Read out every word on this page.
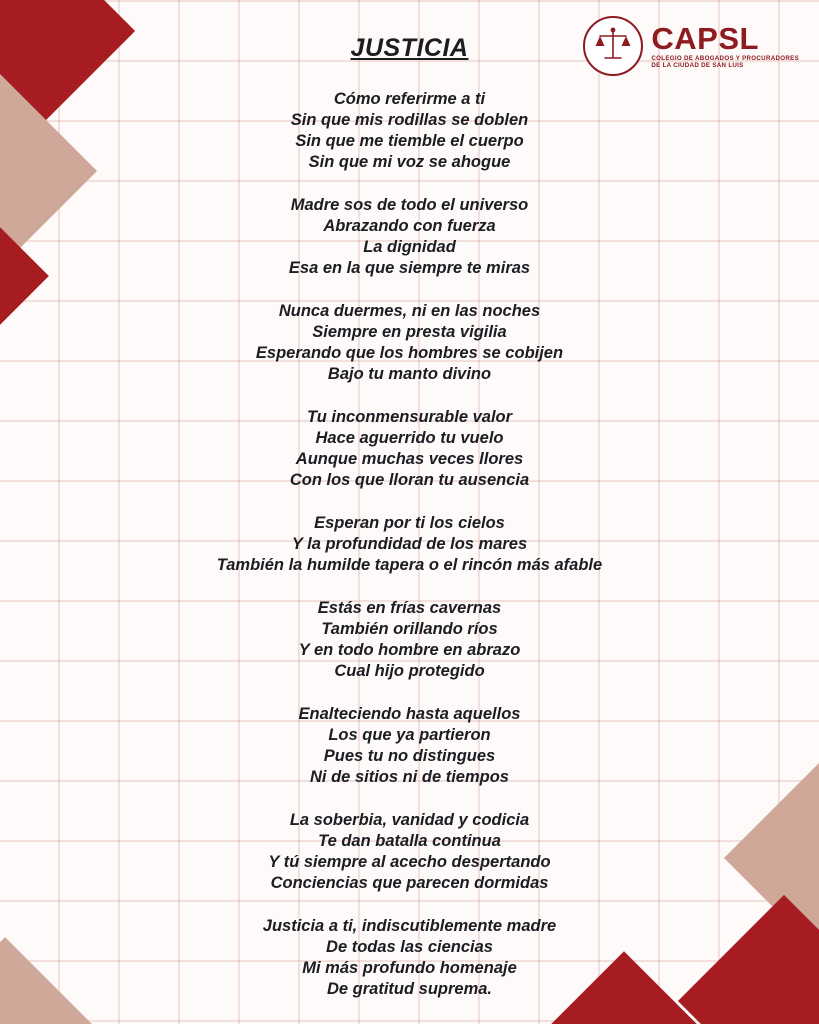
CAPSL
COLEGIO DE ABOGADOS Y PROCURADORES
DE LA CIUDAD DE SAN LUIS
JUSTICIA
Cómo referirme a ti
Sin que mis rodillas se doblen
Sin que me tiemble el cuerpo
Sin que mi voz se ahogue
Madre sos de todo el universo
Abrazando con fuerza
La dignidad
Esa en la que siempre te miras
Nunca duermes, ni en las noches
Siempre en presta vigilia
Esperando que los hombres se cobijen
Bajo tu manto divino
Tu inconmensurable valor
Hace aguerrido tu vuelo
Aunque muchas veces llores
Con los que lloran tu ausencia
Esperan por ti los cielos
Y la profundidad de los mares
También la humilde tapera o el rincón más afable
Estás en frías cavernas
También orillando ríos
Y en todo hombre en abrazo
Cual hijo protegido
Enalteciendo hasta aquellos
Los que ya partieron
Pues tu no distingues
Ni de sitios ni de tiempos
La soberbia, vanidad y codicia
Te dan batalla continua
Y tú siempre al acecho despertando
Conciencias que parecen dormidas
Justicia a ti, indiscutiblemente madre
De todas las ciencias
Mi más profundo homenaje
De gratitud suprema.
